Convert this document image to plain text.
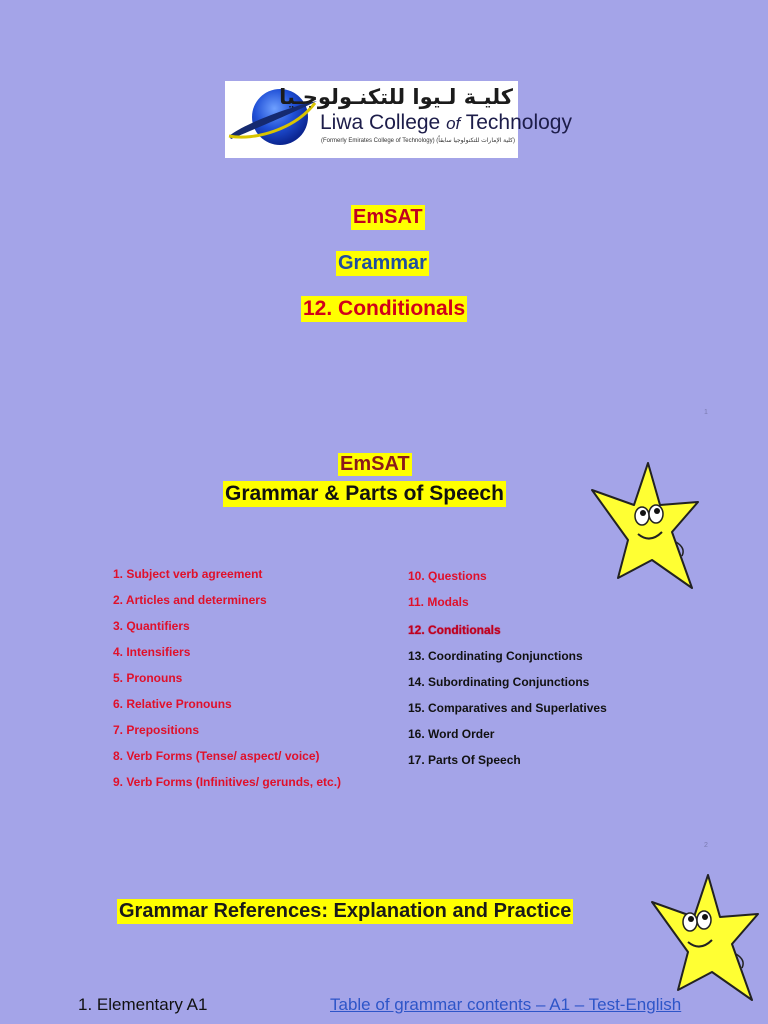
كليـة لـيوا للتكنـولوجـيا
Liwa College of Technology
(Formerly Emirates College of Technology) (كلية الإمارات للتكنولوجيا سابقاً)
EmSAT
Grammar
12. Conditionals
1
EmSAT
Grammar & Parts of Speech
1. Subject verb agreement
2. Articles and determiners
3. Quantifiers
4. Intensifiers
5. Pronouns
6. Relative Pronouns
7. Prepositions
8. Verb Forms (Tense/ aspect/ voice)
9. Verb Forms (Infinitives/ gerunds, etc.)
10. Questions
11. Modals
12. Conditionals
13. Coordinating Conjunctions
14. Subordinating Conjunctions
15. Comparatives and Superlatives
16. Word Order
17. Parts Of Speech
2
Grammar References: Explanation and Practice
1. Elementary A1	Table of grammar contents – A1 – Test-English
